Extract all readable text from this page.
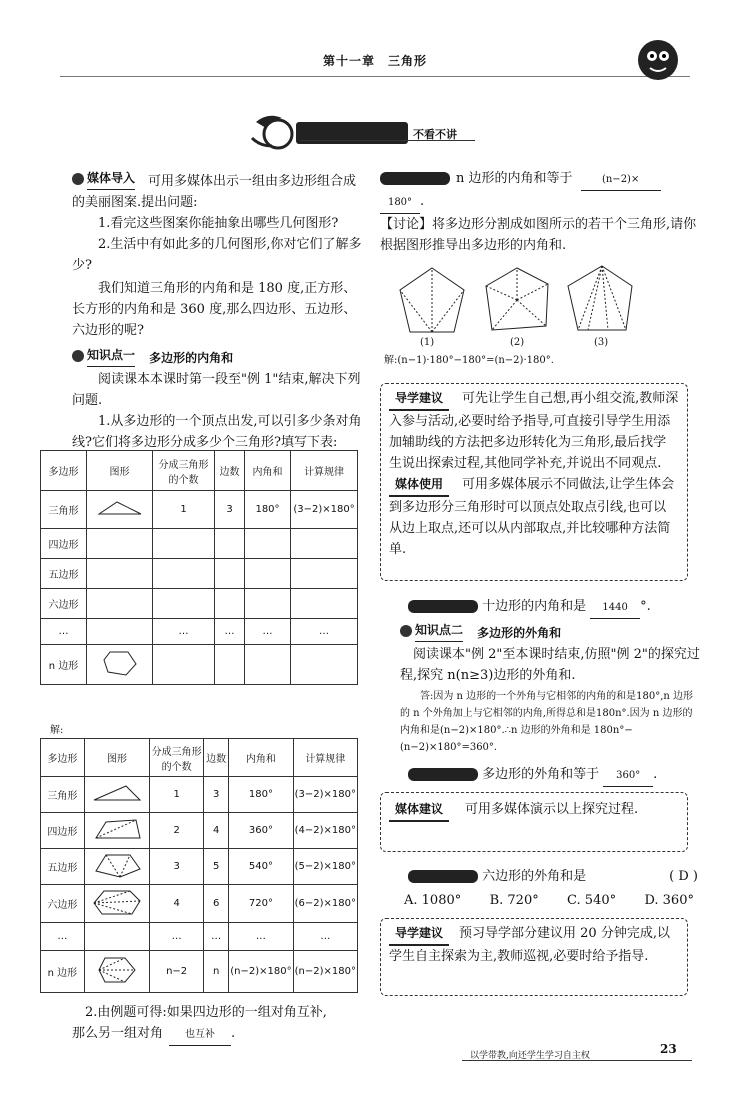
第十一章　三角形
不看不讲

媒体导入 　可用多媒体出示一组由多边形组合成的美丽图案.提出问题:

1.看完这些图案你能抽象出哪些几何图形?

2.生活中有如此多的几何图形,你对它们了解多少?

我们知道三角形的内角和是 180 度,正方形、长方形的内角和是 360 度,那么四边形、五边形、六边形的呢?

知识点一 多边形的内角和

阅读课本本课时第一段至"例 1"结束,解决下列问题.

1.从多边形的一个顶点出发,可以引多少条对角线?它们将多边形分成多少个三角形?填写下表:

多边形	图形	分成三角形的个数	边数	内角和	计算规律
三角形		1	3	180°	(3−2)×180°
四边形					
五边形					
六边形					
…		…	…	…	…
n 边形					
解:
多边形	图形	分成三角形的个数	边数	内角和	计算规律
三角形		1	3	180°	(3−2)×180°
四边形		2	4	360°	(4−2)×180°
五边形		3	5	540°	(5−2)×180°
六边形		4	6	720°	(6−2)×180°
…		…	…	…	…
n 边形		n−2	n	(n−2)×180°	(n−2)×180°

2.由例题可得:如果四边形的一组对角互补,

那么另一组对角 也互补 .

n 边形的内角和等于	(n−2)×

180° .

【讨论】将多边形分割成如图所示的若干个三角形,请你根据图形推导出多边形的内角和.

(1)	(2)	(3)
解:(n−1)·180°−180°=(n−2)·180°.

导学建议　可先让学生自己想,再小组交流,教师深入参与活动,必要时给予指导,可直接引导学生用添加辅助线的方法把多边形转化为三角形,最后找学生说出探索过程,其他同学补充,并说出不同观点.

媒体使用　可用多媒体展示不同做法,让学生体会到多边形分三角形时可以顶点处取点引线,也可以从边上取点,还可以从内部取点,并比较哪种方法简单.

十边形的内角和是 1440 °.

知识点二 多边形的外角和

阅读课本"例 2"至本课时结束,仿照"例 2"的探究过程,探究 n(n≥3)边形的外角和.

答:因为 n 边形的一个外角与它相邻的内角的和是180°,n 边形的 n 个外角加上与它相邻的内角,所得总和是180n°.因为 n 边形的内角和是(n−2)×180°.∴n 边形的外角和是 180n°−(n−2)×180°=360°.

多边形的外角和等于 360° .

媒体建议 可用多媒体演示以上探究过程.

六边形的外角和是	( D )
A. 1080° B. 720° C. 540° D. 360°

导学建议 预习导学部分建议用 20 分钟完成,以学生自主探索为主,教师巡视,必要时给予指导.

以学带教,向还学生学习自主权	23
